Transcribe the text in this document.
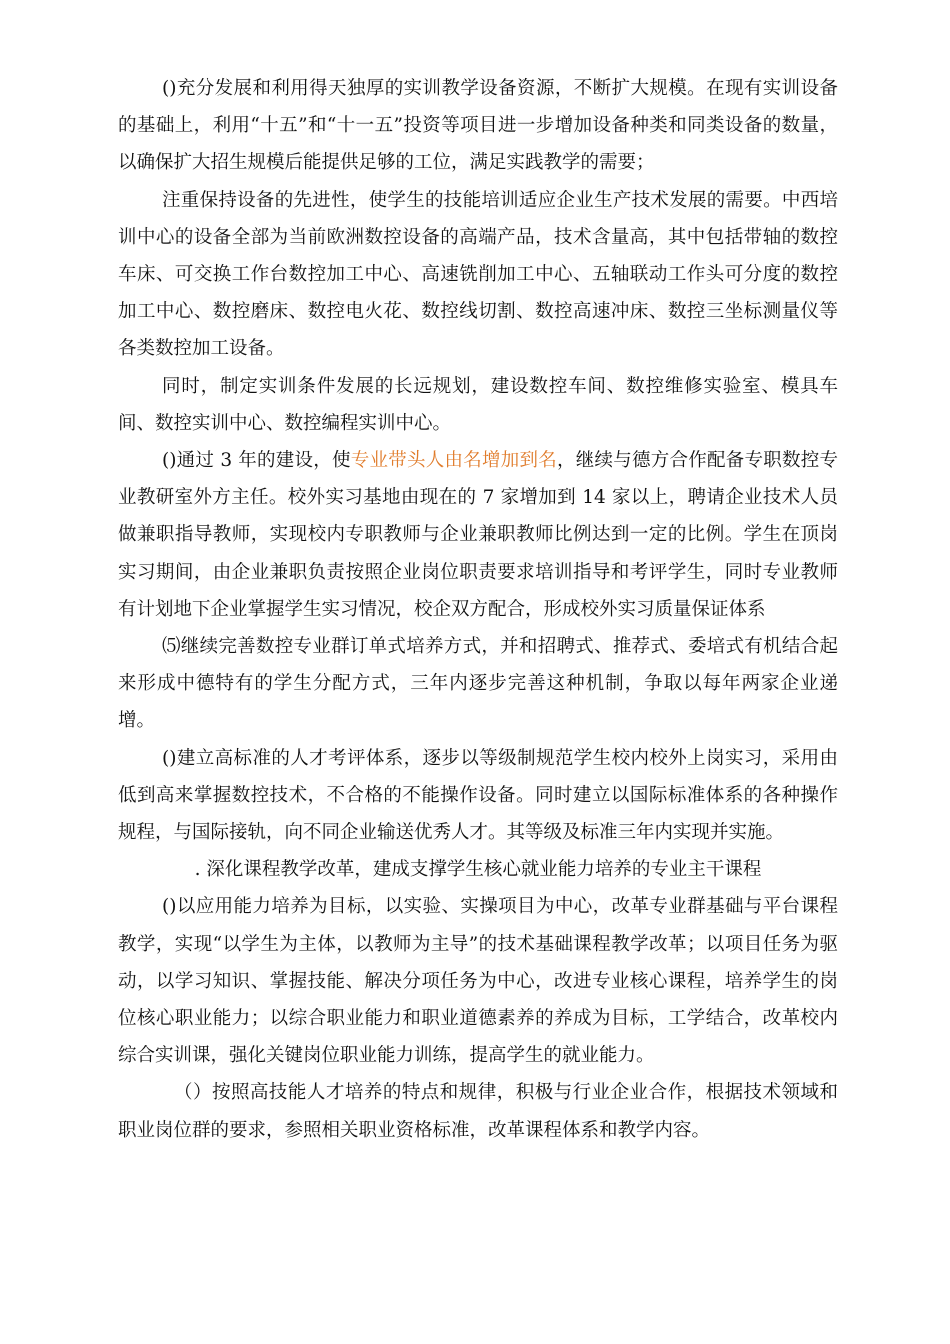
()充分发展和利用得天独厚的实训教学设备资源，不断扩大规模。在现有实训设备的基础上，利用“十五”和“十一五”投资等项目进一步增加设备种类和同类设备的数量，以确保扩大招生规模后能提供足够的工位，满足实践教学的需要；

注重保持设备的先进性，使学生的技能培训适应企业生产技术发展的需要。中西培训中心的设备全部为当前欧洲数控设备的高端产品，技术含量高，其中包括带轴的数控车床、可交换工作台数控加工中心、高速铣削加工中心、五轴联动工作头可分度的数控加工中心、数控磨床、数控电火花、数控线切割、数控高速冲床、数控三坐标测量仪等各类数控加工设备。

同时，制定实训条件发展的长远规划，建设数控车间、数控维修实验室、模具车间、数控实训中心、数控编程实训中心。

()通过 3 年的建设，使专业带头人由名增加到名，继续与德方合作配备专职数控专业教研室外方主任。校外实习基地由现在的 7 家增加到 14 家以上，聘请企业技术人员做兼职指导教师，实现校内专职教师与企业兼职教师比例达到一定的比例。学生在顶岗实习期间，由企业兼职负责按照企业岗位职责要求培训指导和考评学生，同时专业教师有计划地下企业掌握学生实习情况，校企双方配合，形成校外实习质量保证体系

⑸继续完善数控专业群订单式培养方式，并和招聘式、推荐式、委培式有机结合起来形成中德特有的学生分配方式，三年内逐步完善这种机制，争取以每年两家企业递增。

()建立高标准的人才考评体系，逐步以等级制规范学生校内校外上岗实习，采用由低到高来掌握数控技术，不合格的不能操作设备。同时建立以国际标准体系的各种操作规程，与国际接轨，向不同企业输送优秀人才。其等级及标准三年内实现并实施。

. 深化课程教学改革，建成支撑学生核心就业能力培养的专业主干课程

()以应用能力培养为目标，以实验、实操项目为中心，改革专业群基础与平台课程教学，实现“以学生为主体，以教师为主导”的技术基础课程教学改革；以项目任务为驱动，以学习知识、掌握技能、解决分项任务为中心，改进专业核心课程，培养学生的岗位核心职业能力；以综合职业能力和职业道德素养的养成为目标，工学结合，改革校内综合实训课，强化关键岗位职业能力训练，提高学生的就业能力。

（）按照高技能人才培养的特点和规律，积极与行业企业合作，根据技术领域和职业岗位群的要求，参照相关职业资格标准，改革课程体系和教学内容。
